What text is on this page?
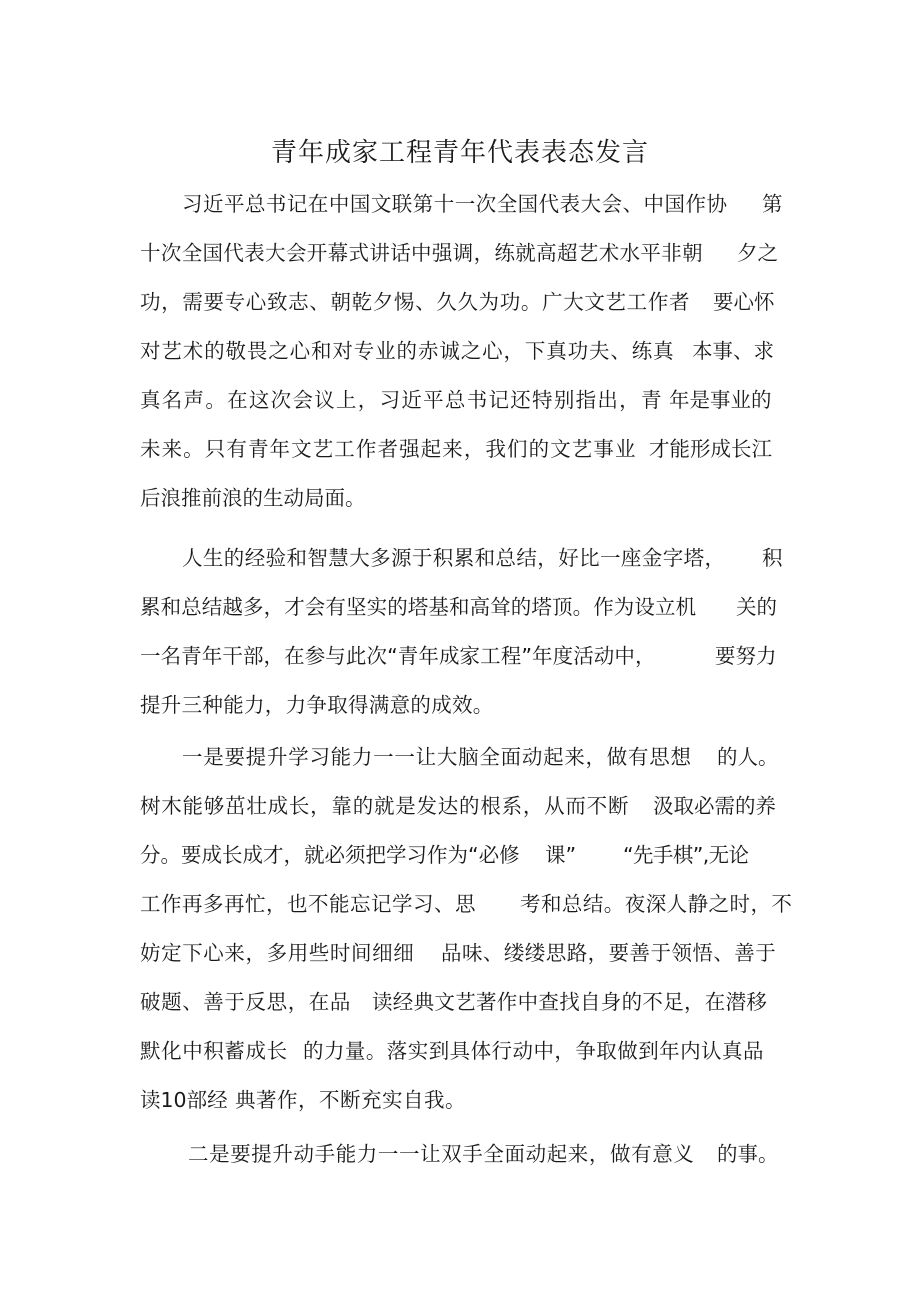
青年成家工程青年代表表态发言
习近平总书记在中国文联第十一次全国代表大会、中国作协 第
十次全国代表大会开幕式讲话中强调，练就高超艺术水平非朝 夕之
功，需要专心致志、朝乾夕惕、久久为功。广大文艺工作者 要心怀
对艺术的敬畏之心和对专业的赤诚之心，下真功夫、练真 本事、求
真名声。在这次会议上，习近平总书记还特别指出，青 年是事业的
未来。只有青年文艺工作者强起来，我们的文艺事业 才能形成长江
后浪推前浪的生动局面。
人生的经验和智慧大多源于积累和总结，好比一座金字塔， 积
累和总结越多，才会有坚实的塔基和高耸的塔顶。作为设立机 关的
一名青年干部，在参与此次“青年成家工程”年度活动中，	要努力
提升三种能力，力争取得满意的成效。
一是要提升学习能力一一让大脑全面动起来，做有思想 的人。
树木能够茁壮成长，靠的就是发达的根系，从而不断 汲取必需的养
分。要成长成才，就必须把学习作为“必修 课” “先手棋”,无论
工作再多再忙，也不能忘记学习、思 考和总结。夜深人静之时，不
妨定下心来，多用些时间细细 品味、缕缕思路，要善于领悟、善于
破题、善于反思，在品 读经典文艺著作中查找自身的不足，在潜移
默化中积蓄成长 的力量。落实到具体行动中，争取做到年内认真品
读10部经 典著作，不断充实自我。
二是要提升动手能力一一让双手全面动起来，做有意义 的事。
